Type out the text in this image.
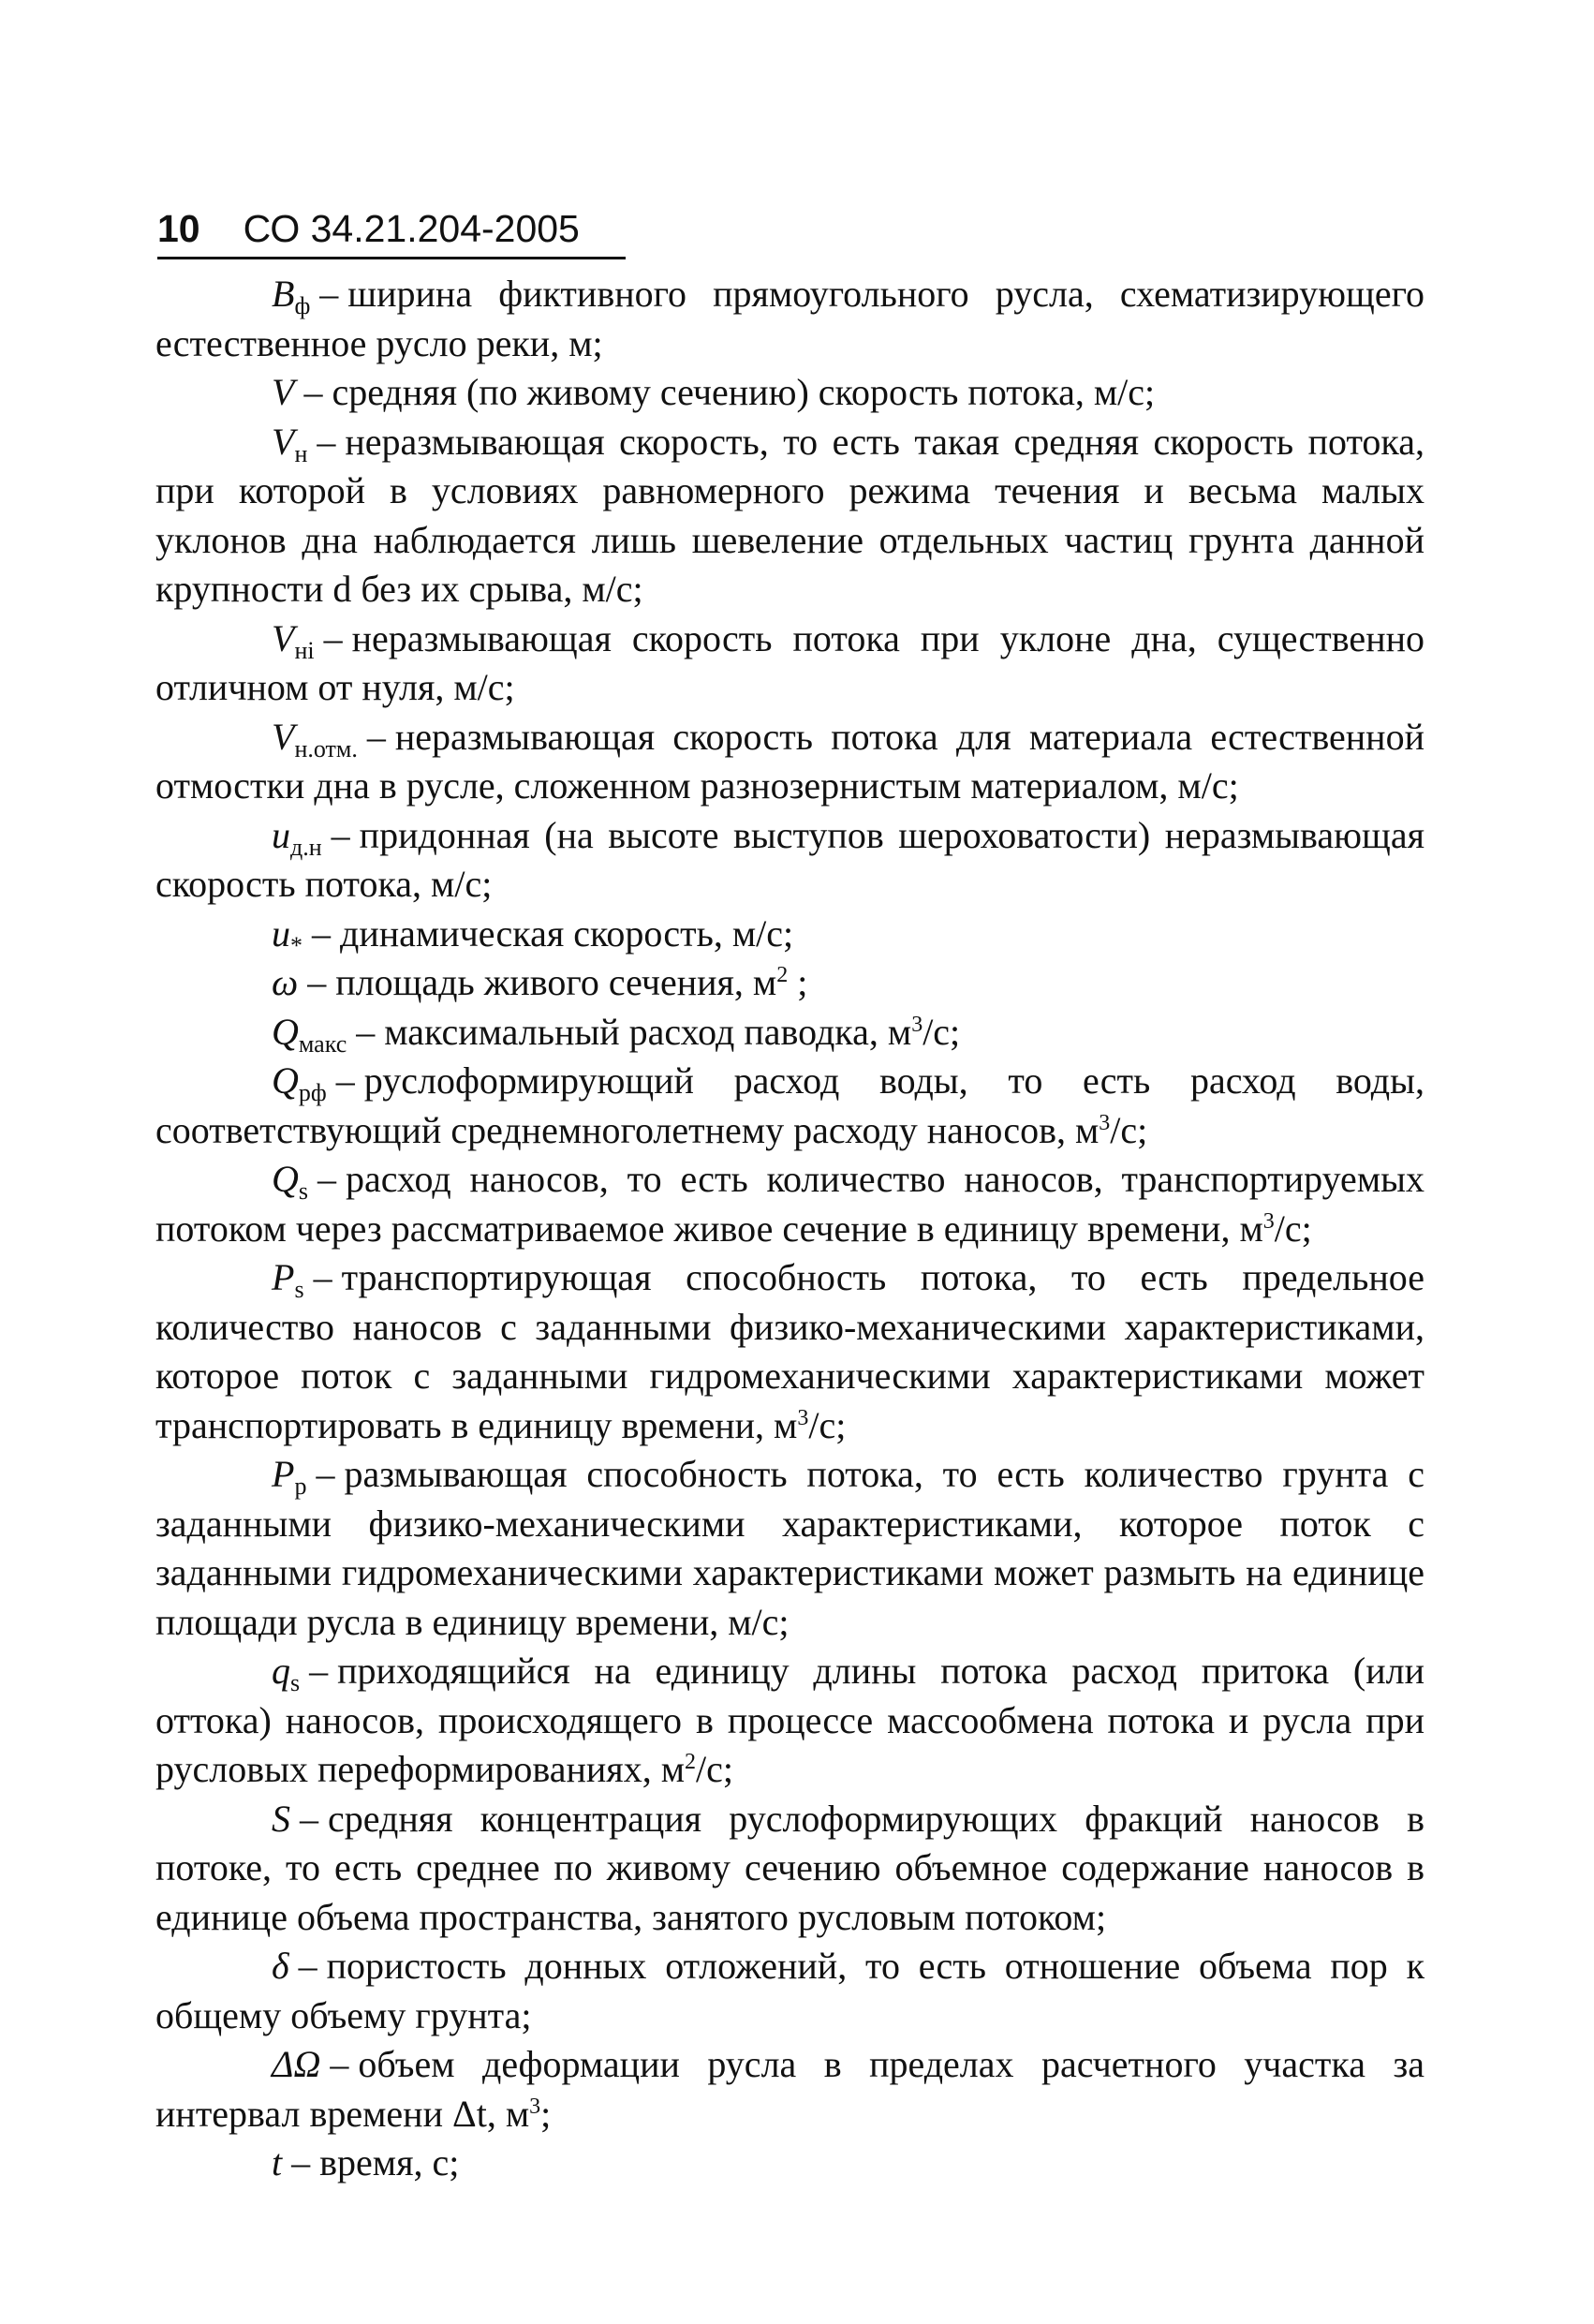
10 СО 34.21.204-2005

$B_ф$ – ширина фиктивного прямоугольного русла, схематизирующего естественное русло реки, м;

V – средняя (по живому сечению) скорость потока, м/с;

$V_н$ – неразмывающая скорость, то есть такая средняя скорость потока, при которой в условиях равномерного режима течения и весьма малых уклонов дна наблюдается лишь шевеление отдельных частиц грунта данной крупности d без их срыва, м/с;

$V_{нi}$ – неразмывающая скорость потока при уклоне дна, существенно отличном от нуля, м/с;

$V_{н.отм.}$ – неразмывающая скорость потока для материала естественной отмостки дна в русле, сложенном разнозернистым материалом, м/с;

$u_{д.н}$ – придонная (на высоте выступов шероховатости) неразмывающая скорость потока, м/с;

$u_*$ – динамическая скорость, м/с;

ω – площадь живого сечения, $м^2$ ;

$Q_{макс}$ – максимальный расход паводка, $м^3/с$;

$Q_{рф}$ – руслоформирующий расход воды, то есть расход воды, соответствующий среднемноголетнему расходу наносов, $м^3/с$;

$Q_s$ – расход наносов, то есть количество наносов, транспортируемых потоком через рассматриваемое живое сечение в единицу времени, $м^3/с$;

$P_s$ – транспортирующая способность потока, то есть предельное количество наносов с заданными физико-механическими характеристиками, которое поток с заданными гидромеханическими характеристиками может транспортировать в единицу времени, $м^3/с$;

$P_р$ – размывающая способность потока, то есть количество грунта с заданными физико-механическими характеристиками, которое поток с заданными гидромеханическими характеристиками может размыть на единице площади русла в единицу времени, м/с;

$q_s$ – приходящийся на единицу длины потока расход притока (или оттока) наносов, происходящего в процессе массообмена потока и русла при русловых переформированиях, $м^2/с$;

S – средняя концентрация руслоформирующих фракций наносов в потоке, то есть среднее по живому сечению объемное содержание наносов в единице объема пространства, занятого русловым потоком;

δ – пористость донных отложений, то есть отношение объема пор к общему объему грунта;

ΔΩ – объем деформации русла в пределах расчетного участка за интервал времени Δt, $м^3$;

t – время, с;
